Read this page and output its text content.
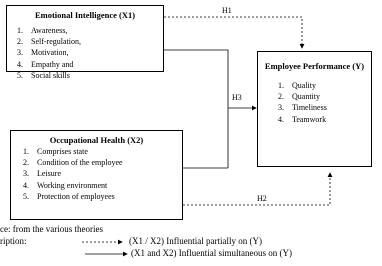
Emotional Intelligence (X1)
1. Awareness,
2. Self-regulation,
3. Motivation,
4. Empathy and
5. Social skills
Occupational Health (X2)
1. Comprises state
2. Condition of the employee
3. Leisure
4. Working environment
5. Protection of employees
Employee Performance (Y)
1. Quality
2. Quantity
3. Timeliness
4. Teamwork
H1
H3
H2
ce: from the various theories
ription:	(X1 / X2) Influential partially on (Y)
(X1 and X2) Influential simultaneous on (Y)
